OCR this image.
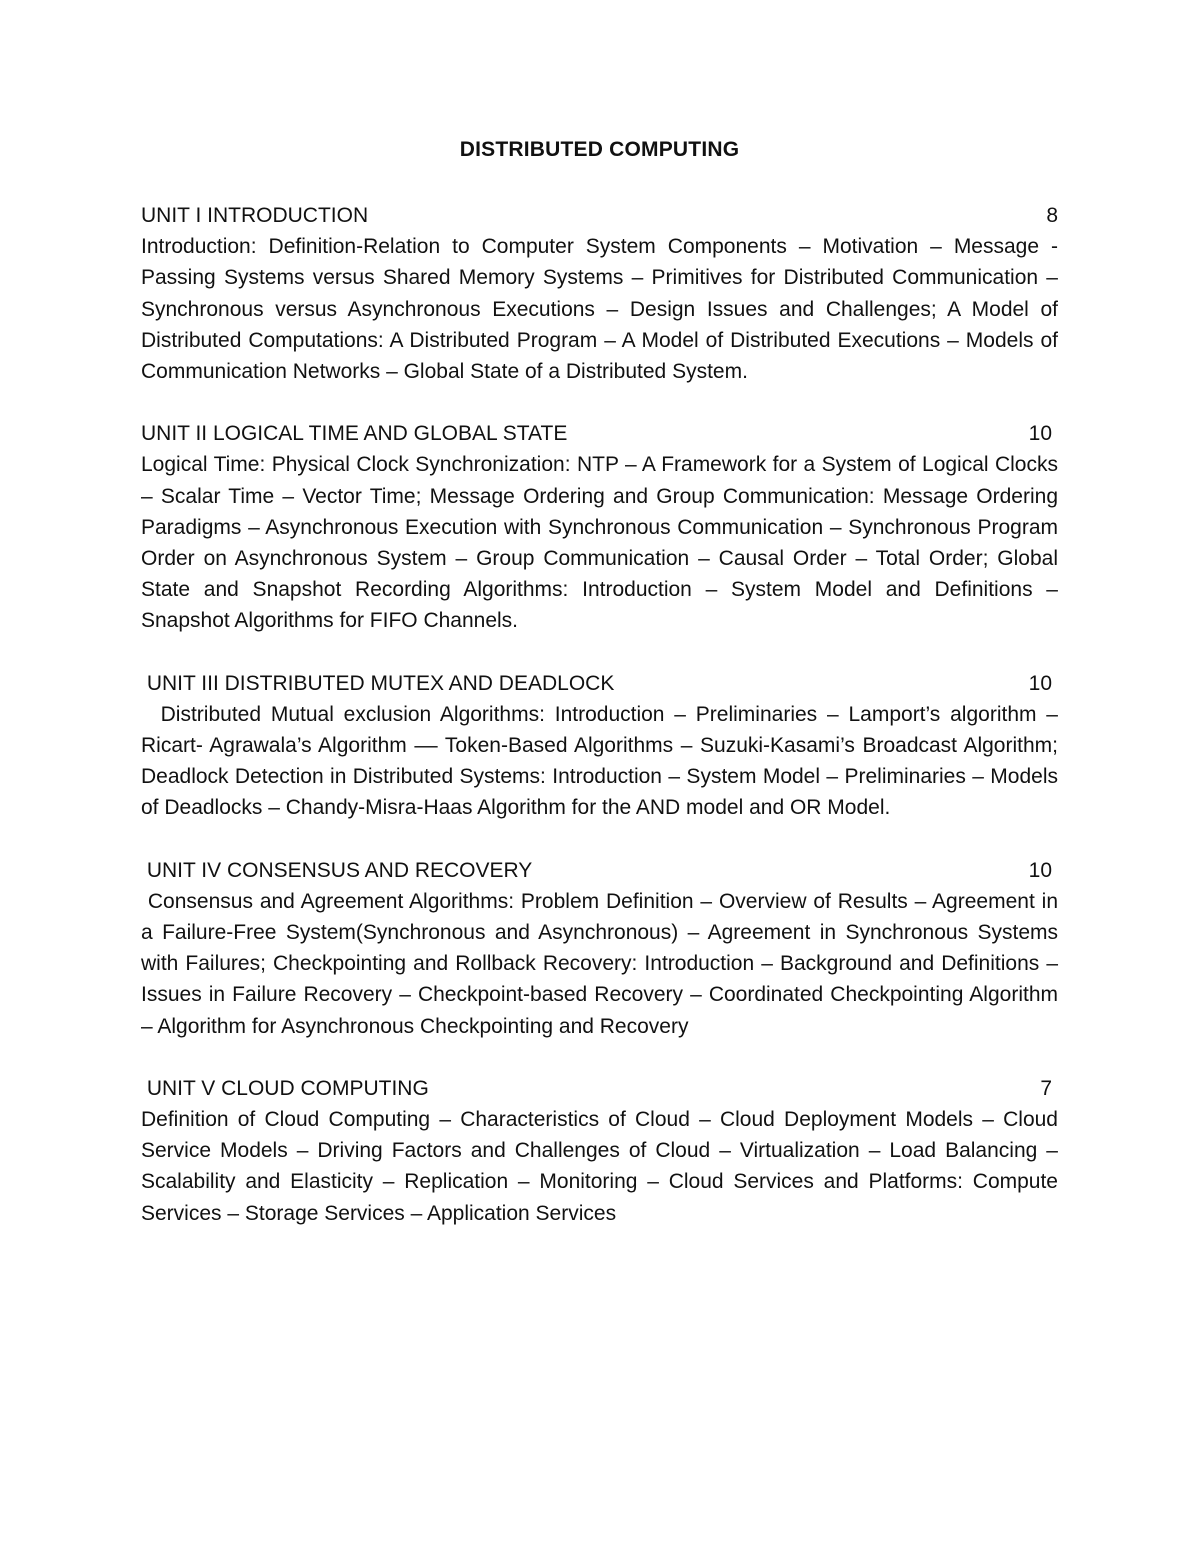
DISTRIBUTED COMPUTING
UNIT I INTRODUCTION	8
Introduction: Definition-Relation to Computer System Components – Motivation – Message - Passing Systems versus Shared Memory Systems – Primitives for Distributed Communication – Synchronous versus Asynchronous Executions – Design Issues and Challenges; A Model of Distributed Computations: A Distributed Program – A Model of Distributed Executions – Models of Communication Networks – Global State of a Distributed System.
UNIT II LOGICAL TIME AND GLOBAL STATE	10
Logical Time: Physical Clock Synchronization: NTP – A Framework for a System of Logical Clocks – Scalar Time – Vector Time; Message Ordering and Group Communication: Message Ordering Paradigms – Asynchronous Execution with Synchronous Communication – Synchronous Program Order on Asynchronous System – Group Communication – Causal Order – Total Order; Global State and Snapshot Recording Algorithms: Introduction – System Model and Definitions – Snapshot Algorithms for FIFO Channels.
UNIT III DISTRIBUTED MUTEX AND DEADLOCK	10
Distributed Mutual exclusion Algorithms: Introduction – Preliminaries – Lamport’s algorithm – Ricart- Agrawala’s Algorithm –– Token-Based Algorithms – Suzuki-Kasami’s Broadcast Algorithm; Deadlock Detection in Distributed Systems: Introduction – System Model – Preliminaries – Models of Deadlocks – Chandy-Misra-Haas Algorithm for the AND model and OR Model.
UNIT IV CONSENSUS AND RECOVERY	10
Consensus and Agreement Algorithms: Problem Definition – Overview of Results – Agreement in a Failure-Free System(Synchronous and Asynchronous) – Agreement in Synchronous Systems with Failures; Checkpointing and Rollback Recovery: Introduction – Background and Definitions – Issues in Failure Recovery – Checkpoint-based Recovery – Coordinated Checkpointing Algorithm – Algorithm for Asynchronous Checkpointing and Recovery
UNIT V CLOUD COMPUTING	7
Definition of Cloud Computing – Characteristics of Cloud – Cloud Deployment Models – Cloud Service Models – Driving Factors and Challenges of Cloud – Virtualization – Load Balancing – Scalability and Elasticity – Replication – Monitoring – Cloud Services and Platforms: Compute Services – Storage Services – Application Services
